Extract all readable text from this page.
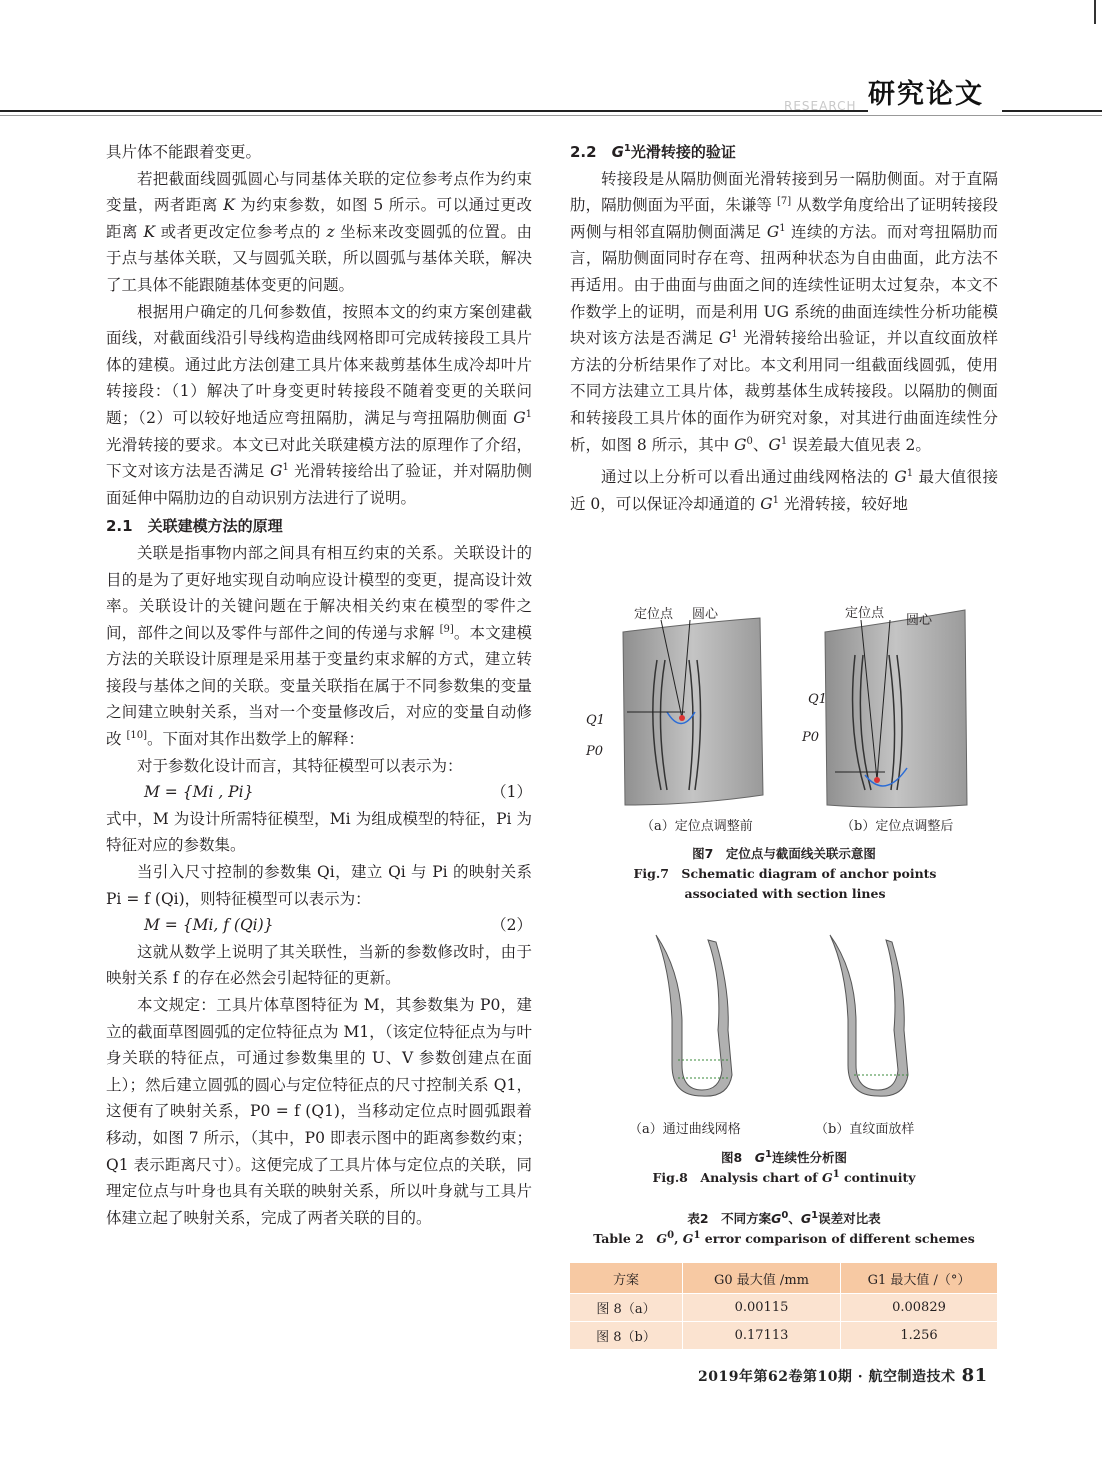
RESEARCH 研究论文

具片体不能跟着变更。

若把截面线圆弧圆心与同基体关联的定位参考点作为约束变量，两者距离 K 为约束参数，如图 5 所示。可以通过更改距离 K 或者更改定位参考点的 z 坐标来改变圆弧的位置。由于点与基体关联，又与圆弧关联，所以圆弧与基体关联，解决了工具体不能跟随基体变更的问题。

根据用户确定的几何参数值，按照本文的约束方案创建截面线，对截面线沿引导线构造曲线网格即可完成转接段工具片体的建模。通过此方法创建工具片体来裁剪基体生成冷却叶片转接段：（1）解决了叶身变更时转接段不随着变更的关联问题；（2）可以较好地适应弯扭隔肋，满足与弯扭隔肋侧面 $G^1$ 光滑转接的要求。本文已对此关联建模方法的原理作了介绍，下文对该方法是否满足 $G^1$ 光滑转接给出了验证，并对隔肋侧面延伸中隔肋边的自动识别方法进行了说明。

2.1　关联建模方法的原理

关联是指事物内部之间具有相互约束的关系。关联设计的目的是为了更好地实现自动响应设计模型的变更，提高设计效率。关联设计的关键问题在于解决相关约束在模型的零件之间，部件之间以及零件与部件之间的传递与求解 [9]。本文建模方法的关联设计原理是采用基于变量约束求解的方式，建立转接段与基体之间的关联。变量关联指在属于不同参数集的变量之间建立映射关系，当对一个变量修改后，对应的变量自动修改 [10]。下面对其作出数学上的解释：

对于参数化设计而言，其特征模型可以表示为：

M = {Mi , Pi}	（1）

式中，M 为设计所需特征模型，Mi 为组成模型的特征，Pi 为特征对应的参数集。

当引入尺寸控制的参数集 Qi，建立 Qi 与 Pi 的映射关系 Pi = f (Qi)，则特征模型可以表示为：

M = {Mi, f (Qi)}	（2）

这就从数学上说明了其关联性，当新的参数修改时，由于映射关系 f 的存在必然会引起特征的更新。

本文规定：工具片体草图特征为 M，其参数集为 P0，建立的截面草图圆弧的定位特征点为 M1，（该定位特征点为与叶身关联的特征点，可通过参数集里的 U、V 参数创建点在面上）；然后建立圆弧的圆心与定位特征点的尺寸控制关系 Q1，这便有了映射关系，P0 = f (Q1)，当移动定位点时圆弧跟着移动，如图 7 所示，（其中，P0 即表示图中的距离参数约束；Q1 表示距离尺寸）。这便完成了工具片体与定位点的关联，同理定位点与叶身也具有关联的映射关系，所以叶身就与工具片体建立起了映射关系，完成了两者关联的目的。

2.2　$G^1$光滑转接的验证

转接段是从隔肋侧面光滑转接到另一隔肋侧面。对于直隔肋，隔肋侧面为平面，朱谦等 [7] 从数学角度给出了证明转接段两侧与相邻直隔肋侧面满足 $G^1$ 连续的方法。而对弯扭隔肋而言，隔肋侧面同时存在弯、扭两种状态为自由曲面，此方法不再适用。由于曲面与曲面之间的连续性证明太过复杂，本文不作数学上的证明，而是利用 UG 系统的曲面连续性分析功能模块对该方法是否满足 $G^1$ 光滑转接给出验证，并以直纹面放样方法的分析结果作了对比。本文利用同一组截面线圆弧，使用不同方法建立工具片体，裁剪基体生成转接段。以隔肋的侧面和转接段工具片体的面作为研究对象，对其进行曲面连续性分析，如图 8 所示，其中 $G^0$、$G^1$ 误差最大值见表 2。

通过以上分析可以看出通过曲线网格法的 $G^1$ 最大值很接近 0，可以保证冷却通道的 $G^1$ 光滑转接，较好地

定位点 圆心	定位点 圆心
Q1
P0
Q1
P0
（a）定位点调整前	（b）定位点调整后
图7　定位点与截面线关联示意图
Fig.7　Schematic diagram of anchor points associated with section lines
（a）通过曲线网格	（b）直纹面放样
图8　$G^1$连续性分析图
Fig.8　Analysis chart of $G^1$ continuity
表2　不同方案$G^0$、$G^1$误差对比表
Table 2　$G^0$, $G^1$ error comparison of different schemes
方案	G0 最大值 /mm	G1 最大值 /（°）
图 8（a）	0.00115	0.00829
图 8（b）	0.17113	1.256
2019年第62卷第10期 · 航空制造技术 81
